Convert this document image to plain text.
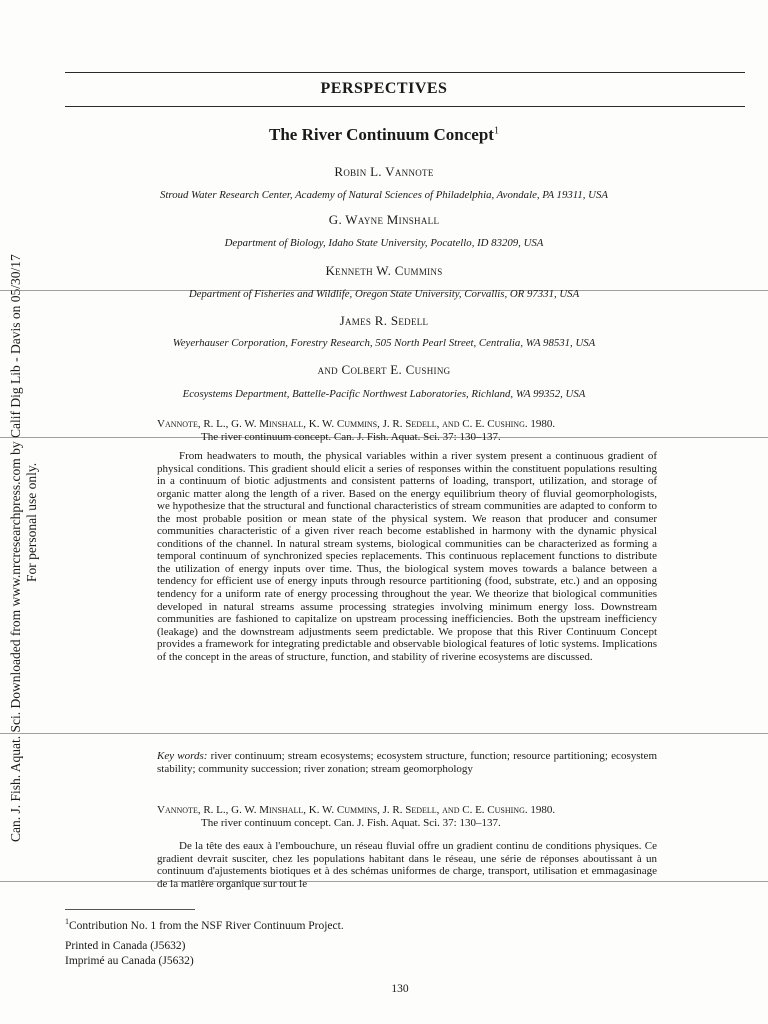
Can. J. Fish. Aquat. Sci. Downloaded from www.nrcresearchpress.com by Calif Dig Lib - Davis on 05/30/17 For personal use only.
PERSPECTIVES
The River Continuum Concept$^1$
Robin L. Vannote
Stroud Water Research Center, Academy of Natural Sciences of Philadelphia, Avondale, PA 19311, USA
G. Wayne Minshall
Department of Biology, Idaho State University, Pocatello, ID 83209, USA
Kenneth W. Cummins
Department of Fisheries and Wildlife, Oregon State University, Corvallis, OR 97331, USA
James R. Sedell
Weyerhauser Corporation, Forestry Research, 505 North Pearl Street, Centralia, WA 98531, USA
and Colbert E. Cushing
Ecosystems Department, Battelle-Pacific Northwest Laboratories, Richland, WA 99352, USA
Vannote, R. L., G. W. Minshall, K. W. Cummins, J. R. Sedell, and C. E. Cushing. 1980.
The river continuum concept. Can. J. Fish. Aquat. Sci. 37: 130–137.

From headwaters to mouth, the physical variables within a river system present a continuous gradient of physical conditions. This gradient should elicit a series of responses within the constituent populations resulting in a continuum of biotic adjustments and consistent patterns of loading, transport, utilization, and storage of organic matter along the length of a river. Based on the energy equilibrium theory of fluvial geomorphologists, we hypothesize that the structural and functional characteristics of stream communities are adapted to conform to the most probable position or mean state of the physical system. We reason that producer and consumer communities characteristic of a given river reach become established in harmony with the dynamic physical conditions of the channel. In natural stream systems, biological communities can be characterized as forming a temporal continuum of synchronized species replacements. This continuous replacement functions to distribute the utilization of energy inputs over time. Thus, the biological system moves towards a balance between a tendency for efficient use of energy inputs through resource partitioning (food, substrate, etc.) and an opposing tendency for a uniform rate of energy processing throughout the year. We theorize that biological communities developed in natural streams assume processing strategies involving minimum energy loss. Downstream communities are fashioned to capitalize on upstream processing inefficiencies. Both the upstream inefficiency (leakage) and the downstream adjustments seem predictable. We propose that this River Continuum Concept provides a framework for integrating predictable and observable biological features of lotic systems. Implications of the concept in the areas of structure, function, and stability of riverine ecosystems are discussed.

Key words: river continuum; stream ecosystems; ecosystem structure, function; resource partitioning; ecosystem stability; community succession; river zonation; stream geomorphology

Vannote, R. L., G. W. Minshall, K. W. Cummins, J. R. Sedell, and C. E. Cushing. 1980.
The river continuum concept. Can. J. Fish. Aquat. Sci. 37: 130–137.

De la tête des eaux à l'embouchure, un réseau fluvial offre un gradient continu de conditions physiques. Ce gradient devrait susciter, chez les populations habitant dans le réseau, une série de réponses aboutissant à un continuum d'ajustements biotiques et à des schémas uniformes de charge, transport, utilisation et emmagasinage de la matière organique sur tout le

$^1$Contribution No. 1 from the NSF River Continuum Project.
Printed in Canada (J5632)
Imprimé au Canada (J5632)
130
